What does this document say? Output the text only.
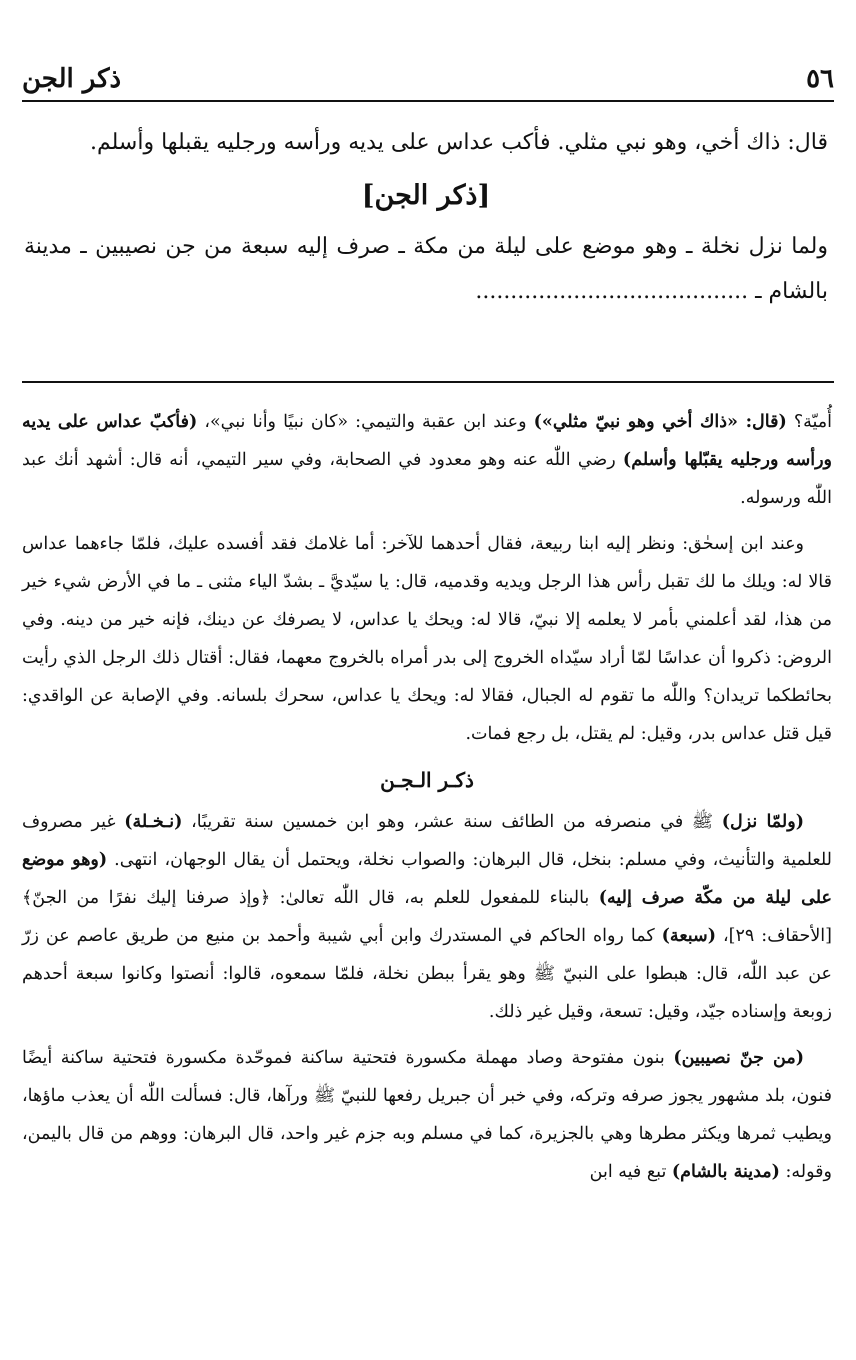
٥٦
ذكر الجن

قال: ذاك أخي، وهو نبي مثلي. فأكب عداس على يديه ورأسه ورجليه يقبلها وأسلم.

[ذكر الجن]

ولما نزل نخلة ـ وهو موضع على ليلة من مكة ـ صرف إليه سبعة من جن نصيبين ـ مدينة بالشام ـ .......................................

أُميّة؟ (قال: «ذاك أخي وهو نبيّ مثلي») وعند ابن عقبة والتيمي: «كان نبيًا وأنا نبي»، (فأكبّ عداس على يديه ورأسه ورجليه يقبّلها وأسلم) رضي اللّٰه عنه وهو معدود في الصحابة، وفي سير التيمي، أنه قال: أشهد أنك عبد اللّٰه ورسوله.

وعند ابن إسحٰق: ونظر إليه ابنا ربيعة، فقال أحدهما للآخر: أما غلامك فقد أفسده عليك، فلمّا جاءهما عداس قالا له: ويلك ما لك تقبل رأس هذا الرجل ويديه وقدميه، قال: يا سيّديَّ ـ بشدّ الياء مثنى ـ ما في الأرض شيء خير من هذا، لقد أعلمني بأمر لا يعلمه إلا نبيّ، قالا له: ويحك يا عداس، لا يصرفك عن دينك، فإنه خير من دينه. وفي الروض: ذكروا أن عداسًا لمّا أراد سيّداه الخروج إلى بدر أمراه بالخروج معهما، فقال: أقتال ذلك الرجل الذي رأيت بحائطكما تريدان؟ واللّٰه ما تقوم له الجبال، فقالا له: ويحك يا عداس، سحرك بلسانه. وفي الإصابة عن الواقدي: قيل قتل عداس بدر، وقيل: لم يقتل، بل رجع فمات.

ذكـر الـجـن

(ولمّا نزل) ﷺ في منصرفه من الطائف سنة عشر، وهو ابن خمسين سنة تقريبًا، (نـخـلة) غير مصروف للعلمية والتأنيث، وفي مسلم: بنخل، قال البرهان: والصواب نخلة، ويحتمل أن يقال الوجهان، انتهى. (وهو موضع على ليلة من مكّة صرف إليه) بالبناء للمفعول للعلم به، قال اللّٰه تعالىٰ: ﴿وإذ صرفنا إليك نفرًا من الجنّ﴾ [الأحقاف: ٢٩]، (سبعة) كما رواه الحاكم في المستدرك وابن أبي شيبة وأحمد بن منيع من طريق عاصم عن زرّ عن عبد اللّٰه، قال: هبطوا على النبيّ ﷺ وهو يقرأ ببطن نخلة، فلمّا سمعوه، قالوا: أنصتوا وكانوا سبعة أحدهم زوبعة وإسناده جيّد، وقيل: تسعة، وقيل غير ذلك.

(من جنّ نصيبين) بنون مفتوحة وصاد مهملة مكسورة فتحتية ساكنة فموحّدة مكسورة فتحتية ساكنة أيضًا فنون، بلد مشهور يجوز صرفه وتركه، وفي خبر أن جبريل رفعها للنبيّ ﷺ ورآها، قال: فسألت اللّٰه أن يعذب ماؤها، ويطيب ثمرها ويكثر مطرها وهي بالجزيرة، كما في مسلم وبه جزم غير واحد، قال البرهان: ووهم من قال باليمن، وقوله: (مدينة بالشام) تبع فيه ابن
